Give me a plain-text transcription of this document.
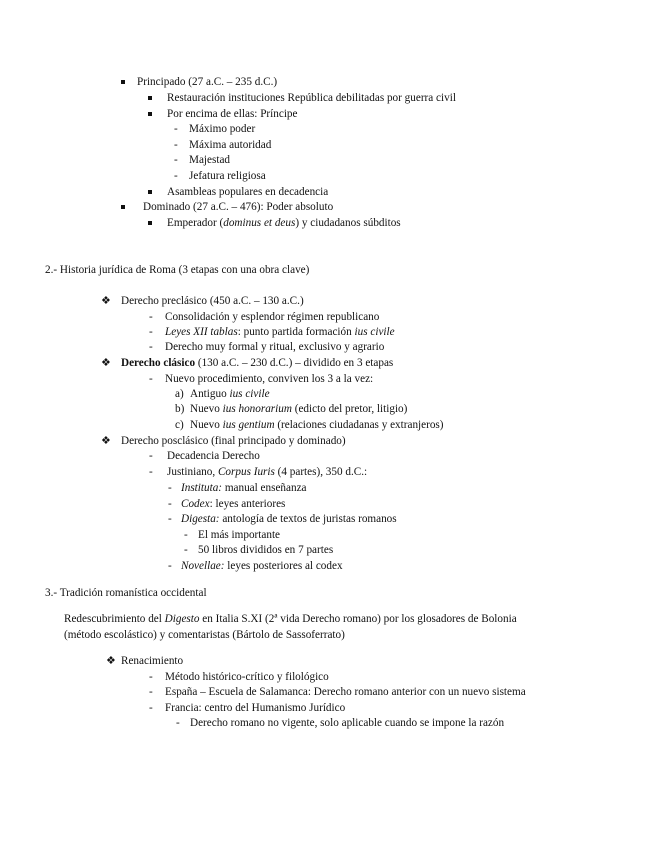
Principado (27 a.C. – 235 d.C.)
Restauración instituciones República debilitadas por guerra civil
Por encima de ellas: Príncipe
- Máximo poder
- Máxima autoridad
- Majestad
- Jefatura religiosa
Asambleas populares en decadencia
Dominado (27 a.C. – 476): Poder absoluto
Emperador (dominus et deus) y ciudadanos súbditos
2.- Historia jurídica de Roma (3 etapas con una obra clave)
❖ Derecho preclásico (450 a.C. – 130 a.C.)
- Consolidación y esplendor régimen republicano
- Leyes XII tablas: punto partida formación ius civile
- Derecho muy formal y ritual, exclusivo y agrario
❖ Derecho clásico (130 a.C. – 230 d.C.) – dividido en 3 etapas
- Nuevo procedimiento, conviven los 3 a la vez:
a) Antiguo ius civile
b) Nuevo ius honorarium (edicto del pretor, litigio)
c) Nuevo ius gentium (relaciones ciudadanas y extranjeros)
❖ Derecho posclásico (final principado y dominado)
- Decadencia Derecho
- Justiniano, Corpus Iuris (4 partes), 350 d.C.:
- Instituta: manual enseñanza
- Codex: leyes anteriores
- Digesta: antología de textos de juristas romanos
- El más importante
- 50 libros divididos en 7 partes
- Novellae: leyes posteriores al codex
3.- Tradición romanística occidental
Redescubrimiento del Digesto en Italia S.XI (2ª vida Derecho romano) por los glosadores de Bolonia
(método escolástico) y comentaristas (Bártolo de Sassoferrato)
❖ Renacimiento
- Método histórico-crítico y filológico
- España – Escuela de Salamanca: Derecho romano anterior con un nuevo sistema
- Francia: centro del Humanismo Jurídico
- Derecho romano no vigente, solo aplicable cuando se impone la razón
